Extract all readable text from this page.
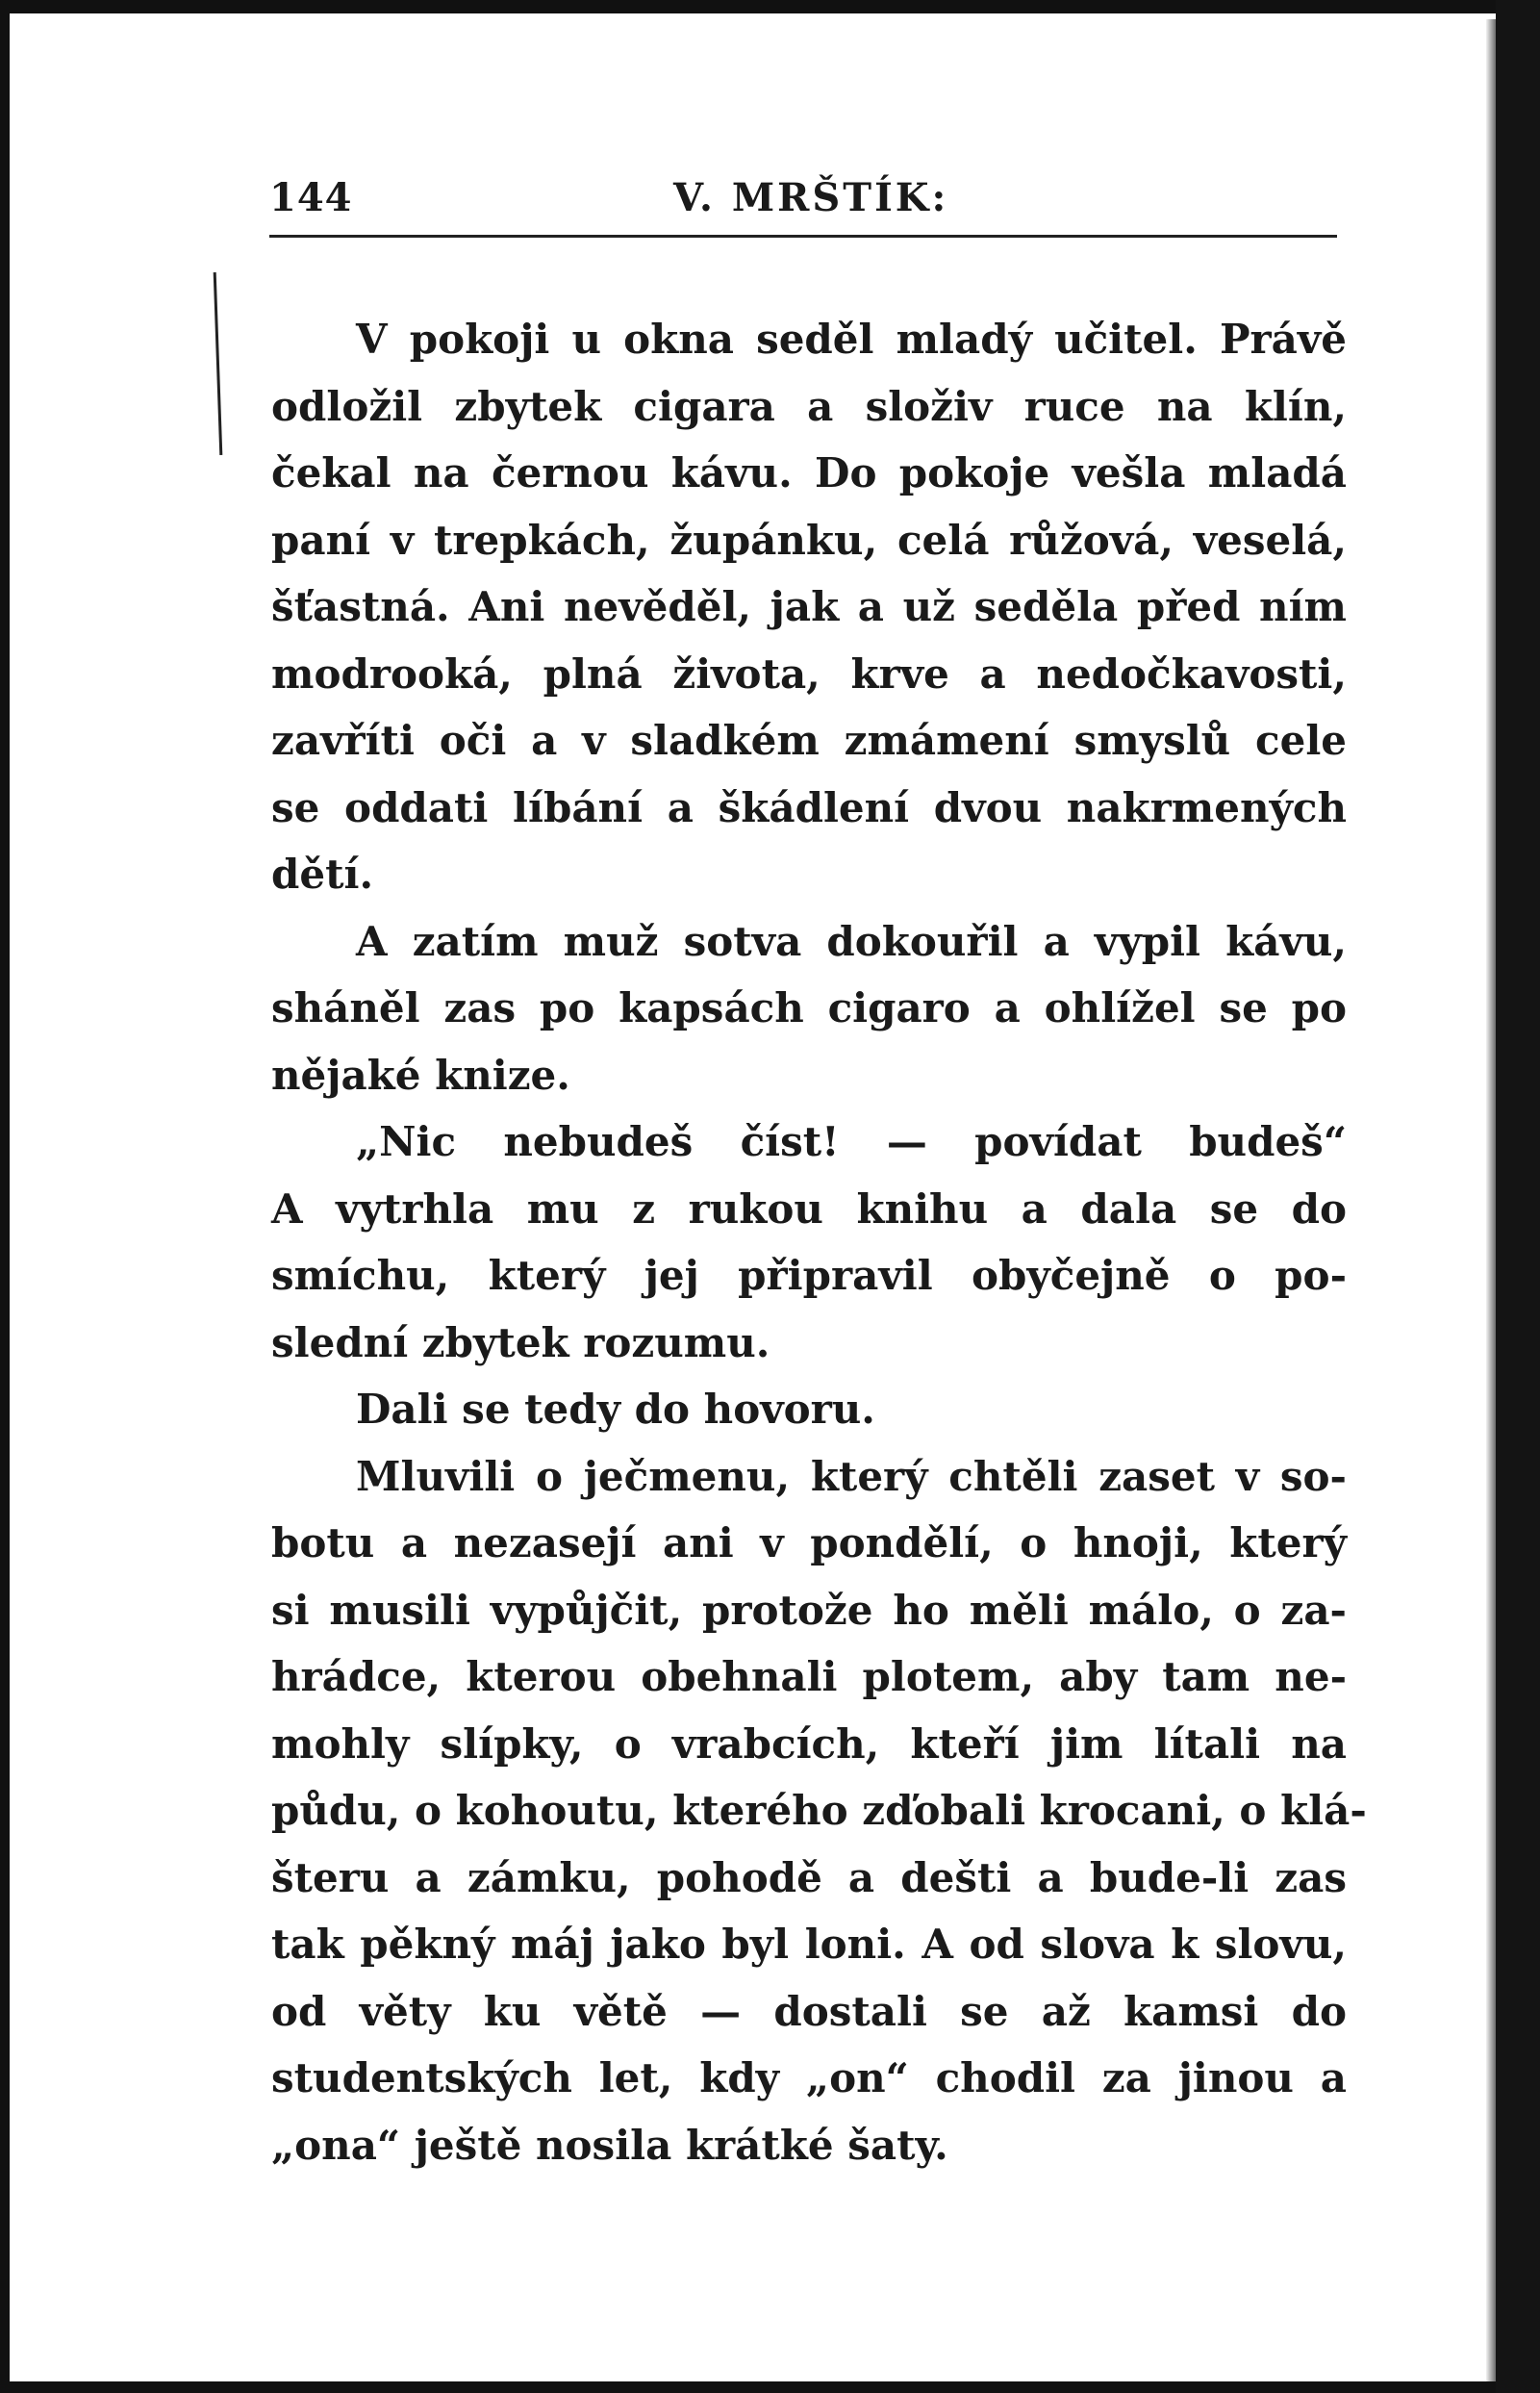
144	V. MRŠTÍK:
V pokoji u okna seděl mladý učitel. Právě
odložil zbytek cigara a složiv ruce na klín,
čekal na černou kávu. Do pokoje vešla mladá
paní v trepkách, župánku, celá růžová, veselá,
šťastná. Ani nevěděl, jak a už seděla před ním
modrooká, plná života, krve a nedočkavosti,
zavříti oči a v sladkém zmámení smyslů cele
se oddati líbání a škádlení dvou nakrmených
dětí.
A zatím muž sotva dokouřil a vypil kávu,
sháněl zas po kapsách cigaro a ohlížel se po
nějaké knize.
„Nic nebudeš číst! — povídat budeš“
A vytrhla mu z rukou knihu a dala se do
smíchu, který jej připravil obyčejně o po-
slední zbytek rozumu.
Dali se tedy do hovoru.
Mluvili o ječmenu, který chtěli zaset v so-
botu a nezasejí ani v pondělí, o hnoji, který
si musili vypůjčit, protože ho měli málo, o za-
hrádce, kterou obehnali plotem, aby tam ne-
mohly slípky, o vrabcích, kteří jim lítali na
půdu, o kohoutu, kterého zďobali krocani, o klá-
šteru a zámku, pohodě a dešti a bude-li zas
tak pěkný máj jako byl loni. A od slova k slovu,
od věty ku větě — dostali se až kamsi do
studentských let, kdy „on“ chodil za jinou a
„ona“ ještě nosila krátké šaty.
